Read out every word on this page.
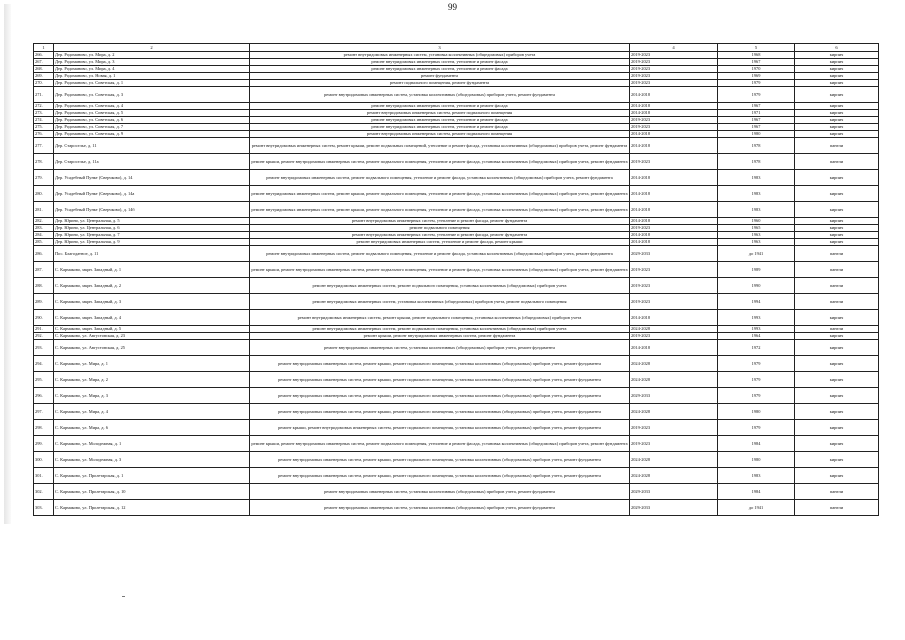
99
1	2	3	4	5	6
266.	Дер. Родоманово, ул. Мира, д. 2	ремонт внутридомовых инженерных систем, установка коллективных (общедомовых) приборов учета	2019-2023	1968	кирпич
267.	Дер. Родоманово, ул. Мира, д. 3	ремонт внутридомовых инженерных систем, утепление и ремонт фасада	2019-2023	1967	кирпич
268.	Дер. Родоманово, ул. Мира, д. 4	ремонт внутридомовых инженерных систем, утепление и ремонт фасада	2019-2023	1970	кирпич
269.	Дер. Родоманово, ул. Новая, д. 1	ремонт фундамента	2019-2023	1969	кирпич
270.	Дер. Родоманово, ул. Советская, д. 1	ремонт подвального помещения, ремонт фундамента	2019-2023	1979	кирпич
271.	Дер. Родоманово, ул. Советская, д. 3	ремонт внутридомовых инженерных систем, установка коллективных (общедомовых) приборов учета, ремонт фундамента	2014-2018	1979	кирпич
272.	Дер. Родоманово, ул. Советская, д. 4	ремонт внутридомовых инженерных систем, утепление и ремонт фасада	2014-2018	1967	кирпич
273.	Дер. Родоманово, ул. Советская, д. 5	ремонт внутридомовых инженерных систем, ремонт подвального помещения	2014-2018	1971	кирпич
274.	Дер. Родоманово, ул. Советская, д. 6	ремонт внутридомовых инженерных систем, утепление и ремонт фасада	2019-2023	1967	кирпич
275.	Дер. Родоманово, ул. Советская, д. 7	ремонт внутридомовых инженерных систем, утепление и ремонт фасада	2019-2023	1967	кирпич
276.	Дер. Родоманово, ул. Советская, д. 9	ремонт внутридомовых инженерных систем, ремонт подвального помещения	2014-2018	1980	кирпич
277.	Дер. Староселье, д. 11	ремонт внутридомовых инженерных систем, ремонт крыши, ремонт подвальных помещений, утепление и ремонт фасада, установка коллективных (общедомовых) приборов учета, ремонт фундамента	2014-2018	1978	панели
278.	Дер. Староселье, д. 11а	ремонт крыши, ремонт внутридомовых инженерных систем, ремонт подвального помещения, утепление и ремонт фасада, установка коллективных (общедомовых) приборов учета, ремонт фундамента	2019-2023	1978	панели
279.	Дер. Усадебный Пункт (Сверчково), д. 14	ремонт внутридомовых инженерных систем, ремонт подвального помещения, утепление и ремонт фасада, установка коллективных (общедомовых) приборов учета, ремонт фундамента	2014-2018	1983	кирпич
280.	Дер. Усадебный Пункт (Сверчково), д. 14а	ремонт внутридомовых инженерных систем, ремонт крыши, ремонт подвального помещения, утепление и ремонт фасада, установка коллективных (общедомовых) приборов учета, ремонт фундамента	2014-2018	1983	кирпич
281.	Дер. Усадебный Пункт (Сверчково), д. 14б	ремонт внутридомовых инженерных систем, ремонт крыши, ремонт подвального помещения, утепление и ремонт фасада, установка коллективных (общедомовых) приборов учета, ремонт фундамента	2014-2018	1983	кирпич
282.	Дер. Юрино, ул. Центральная, д. 5	ремонт внутридомовых инженерных систем, утепление и ремонт фасада, ремонт фундамента	2014-2018	1960	кирпич
283.	Дер. Юрино, ул. Центральная, д. 6	ремонт подвального помещения	2019-2023	1965	кирпич
284.	Дер. Юрино, ул. Центральная, д. 7	ремонт внутридомовых инженерных систем, утепление и ремонт фасада, ремонт фундамента	2014-2018	1963	кирпич
285.	Дер. Юрино, ул. Центральная, д. 9	ремонт внутридомовых инженерных систем, утепление и ремонт фасада, ремонт крыши	2014-2018	1963	кирпич
286.	Пос. Благодатное, д. 11	ремонт внутридомовых инженерных систем, ремонт подвального помещения, утепление и ремонт фасада, установка коллективных (общедомовых) приборов учета, ремонт фундамента	2029-2033	до 1941	панели
287.	С. Кармаково, мкрн. Западный, д. 1	ремонт крыши, ремонт внутридомовых инженерных систем, ремонт подвального помещения, утепление и ремонт фасада, установка коллективных (общедомовых) приборов учета, ремонт фундамента	2019-2023	1989	панели
288.	С. Кармаково, мкрн. Западный, д. 2	ремонт внутридомовых инженерных систем, ремонт подвального помещения, установка коллективных (общедомовых) приборов учета	2019-2023	1990	панели
289.	С. Кармаково, мкрн. Западный, д. 3	ремонт внутридомовых инженерных систем, установка коллективных (общедомовых) приборов учета, ремонт подвального помещения	2019-2023	1994	панели
290.	С. Кармаково, мкрн. Западный, д. 4	ремонт внутридомовых инженерных систем, ремонт крыши, ремонт подвального помещения, установка коллективных (общедомовых) приборов учета	2014-2018	1993	кирпич
291.	С. Кармаково, мкрн. Западный, д. 5	ремонт внутридомовых инженерных систем, ремонт подвального помещения, установка коллективных (общедомовых) приборов учета	2024-2028	1993	панели
292.	С. Кармаково, ул. Августовская, д. 23	ремонт крыши, ремонт внутридомовых инженерных систем, ремонт фундамента	2019-2023	1964	кирпич
293.	С. Кармаково, ул. Августовская, д. 25	ремонт внутридомовых инженерных систем, установка коллективных (общедомовых) приборов учета, ремонт фундамента	2014-2018	1972	кирпич
294.	С. Кармаково, ул. Мира, д. 1	ремонт внутридомовых инженерных систем, ремонт крыши, ремонт подвального помещения, установка коллективных (общедомовых) приборов учета, ремонт фундамента	2024-2028	1979	кирпич
295.	С. Кармаково, ул. Мира, д. 2	ремонт внутридомовых инженерных систем, ремонт крыши, ремонт подвального помещения, установка коллективных (общедомовых) приборов учета, ремонт фундамента	2024-2028	1979	кирпич
296.	С. Кармаково, ул. Мира, д. 3	ремонт внутридомовых инженерных систем, ремонт крыши, ремонт подвального помещения, установка коллективных (общедомовых) приборов учета, ремонт фундамента	2029-2033	1979	кирпич
297.	С. Кармаково, ул. Мира, д. 4	ремонт внутридомовых инженерных систем, ремонт крыши, ремонт подвального помещения, установка коллективных (общедомовых) приборов учета, ремонт фундамента	2024-2028	1980	кирпич
298.	С. Кармаково, ул. Мира, д. 6	ремонт крыши, ремонт внутридомовых инженерных систем, ремонт подвального помещения, установка коллективных (общедомовых) приборов учета, ремонт фундамента	2019-2023	1979	кирпич
299.	С. Кармаково, ул. Молодежная, д. 1	ремонт крыши, ремонт внутридомовых инженерных систем, ремонт подвального помещения, утепление и ремонт фасада, установка коллективных (общедомовых) приборов учета, ремонт фундамента	2019-2023	1984	кирпич
300.	С. Кармаково, ул. Молодежная, д. 3	ремонт внутридомовых инженерных систем, ремонт крыши, ремонт подвального помещения, установка коллективных (общедомовых) приборов учета, ремонт фундамента	2024-2028	1980	кирпич
301.	С. Кармаково, ул. Пролетарская, д. 1	ремонт внутридомовых инженерных систем, ремонт крыши, ремонт подвального помещения, установка коллективных (общедомовых) приборов учета, ремонт фундамента	2024-2028	1983	кирпич
302.	С. Кармаково, ул. Пролетарская, д. 10	ремонт внутридомовых инженерных систем, установка коллективных (общедомовых) приборов учета, ремонт фундамента	2029-2033	1984	панели
303.	С. Кармаково, ул. Пролетарская, д. 12	ремонт внутридомовых инженерных систем, установка коллективных (общедомовых) приборов учета, ремонт фундамента	2029-2033	до 1941	панели
